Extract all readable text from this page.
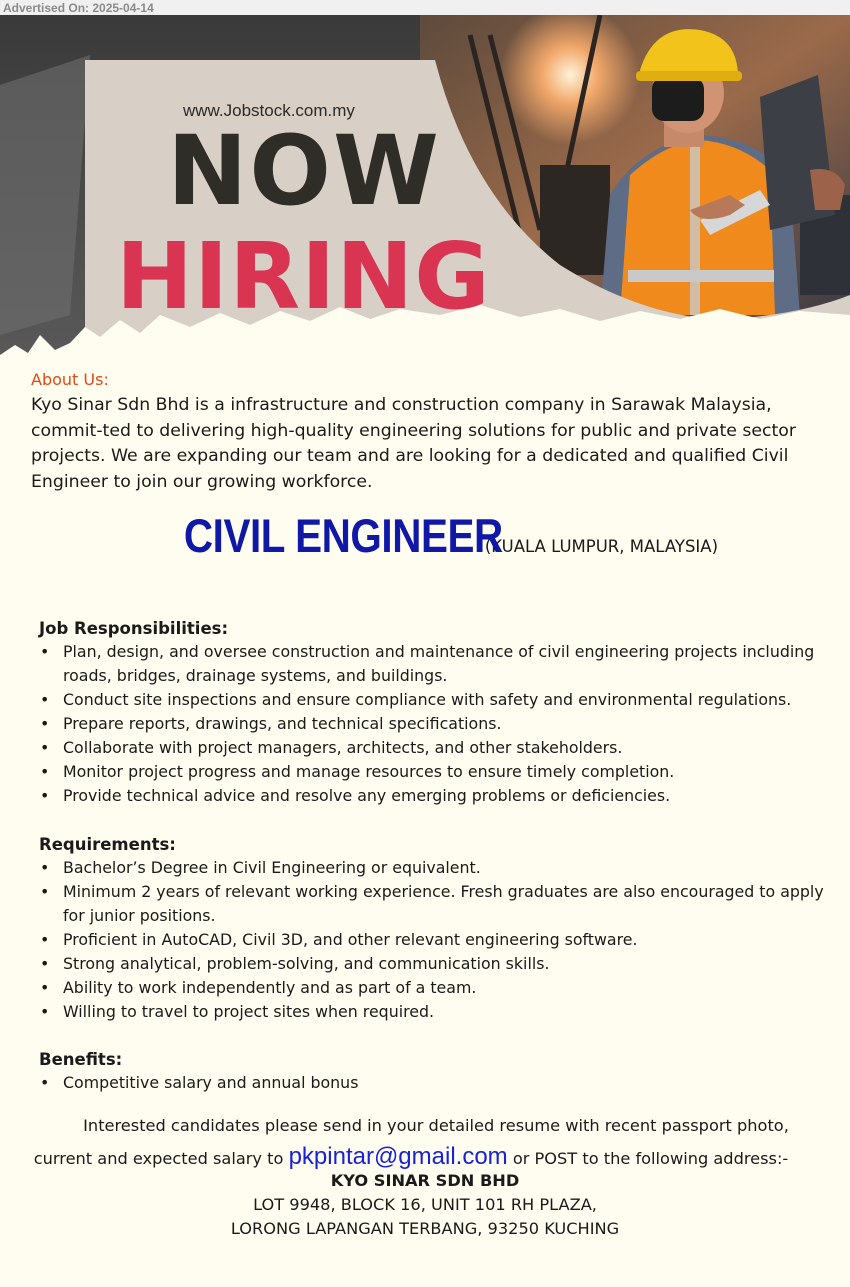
Advertised On: 2025-04-14
www.Jobstock.com.my
NOW
HIRING
About Us:
Kyo Sinar Sdn Bhd is a infrastructure and construction company in Sarawak Malaysia, commit-ted to delivering high-quality engineering solutions for public and private sector projects. We are expanding our team and are looking for a dedicated and qualified Civil Engineer to join our growing workforce.
CIVIL ENGINEER(KUALA LUMPUR, MALAYSIA)
Job Responsibilities:
• Plan, design, and oversee construction and maintenance of civil engineering projects including roads, bridges, drainage systems, and buildings.
• Conduct site inspections and ensure compliance with safety and environmental regulations.
• Prepare reports, drawings, and technical specifications.
• Collaborate with project managers, architects, and other stakeholders.
• Monitor project progress and manage resources to ensure timely completion.
• Provide technical advice and resolve any emerging problems or deficiencies.
Requirements:
• Bachelor’s Degree in Civil Engineering or equivalent.
• Minimum 2 years of relevant working experience. Fresh graduates are also encouraged to apply for junior positions.
• Proficient in AutoCAD, Civil 3D, and other relevant engineering software.
• Strong analytical, problem-solving, and communication skills.
• Ability to work independently and as part of a team.
• Willing to travel to project sites when required.
Benefits:
• Competitive salary and annual bonus
Interested candidates please send in your detailed resume with recent passport photo,
current and expected salary to pkpintar@gmail.com or POST to the following address:-
KYO SINAR SDN BHD
LOT 9948, BLOCK 16, UNIT 101 RH PLAZA,
LORONG LAPANGAN TERBANG, 93250 KUCHING
